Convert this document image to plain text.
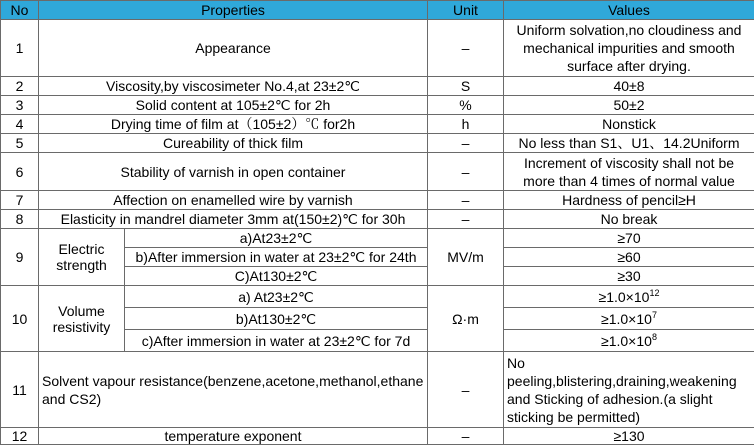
No	Properties		Unit	Values
1	Appearance		–	Uniform solvation,no cloudiness and mechanical impurities and smooth surface after drying.
2	Viscosity,by viscosimeter No.4,at 23±2℃		S	40±8
3	Solid content at 105±2℃ for 2h		%	50±2
4	Drying time of film at（105±2）℃ for2h		h	Nonstick
5	Cureability of thick film		–	No less than S1、U1、14.2Uniform
6	Stability of varnish in open container		–	Increment of viscosity shall not be more than 4 times of normal value
7	Affection on enamelled wire by varnish		–	Hardness of pencil≥H
8	Elasticity in mandrel diameter 3mm at(150±2)℃ for 30h		–	No break
9	Electric strength	a)At23±2℃	MV/m	≥70
		b)After immersion in water at 23±2℃ for 24th		≥60
		C)At130±2℃		≥30
10	Volume resistivity	a) At23±2℃	Ω·m	$\ge 1.0\times 10^{12}$
		b)At130±2℃		$\ge 1.0\times 10^7$
		c)After immersion in water at 23±2℃ for 7d		$\ge 1.0\times 10^8$
11	Solvent vapour resistance(benzene,acetone,methanol,ethane and CS2)		–	No peeling,blistering,draining,weakening and Sticking of adhesion.(a slight sticking be permitted)
12	temperature exponent		–	≥130
